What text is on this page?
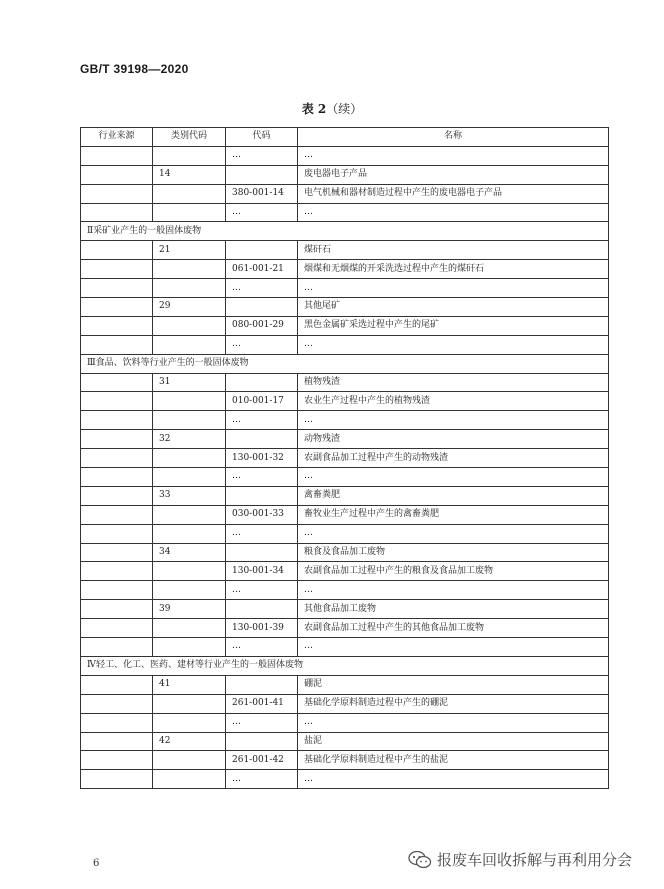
GB/T 39198—2020
表 2（续）
行业来源	类别代码	代码	名称
		…	…
	14		废电器电子产品
		380-001-14	电气机械和器材制造过程中产生的废电器电子产品
		…	…
Ⅱ采矿业产生的一般固体废物			
	21		煤矸石
		061-001-21	烟煤和无烟煤的开采洗选过程中产生的煤矸石
		…	…
	29		其他尾矿
		080-001-29	黑色金属矿采选过程中产生的尾矿
		…	…
Ⅲ食品、饮料等行业产生的一般固体废物			
	31		植物残渣
		010-001-17	农业生产过程中产生的植物残渣
		…	…
	32		动物残渣
		130-001-32	农副食品加工过程中产生的动物残渣
		…	…
	33		禽畜粪肥
		030-001-33	畜牧业生产过程中产生的禽畜粪肥
		…	…
	34		粮食及食品加工废物
		130-001-34	农副食品加工过程中产生的粮食及食品加工废物
		…	…
	39		其他食品加工废物
		130-001-39	农副食品加工过程中产生的其他食品加工废物
		…	…
Ⅳ轻工、化工、医药、建材等行业产生的一般固体废物			
	41		硼泥
		261-001-41	基础化学原料制造过程中产生的硼泥
		…	…
	42		盐泥
		261-001-42	基础化学原料制造过程中产生的盐泥
		…	…
6	报废车回收拆解与再利用分会
